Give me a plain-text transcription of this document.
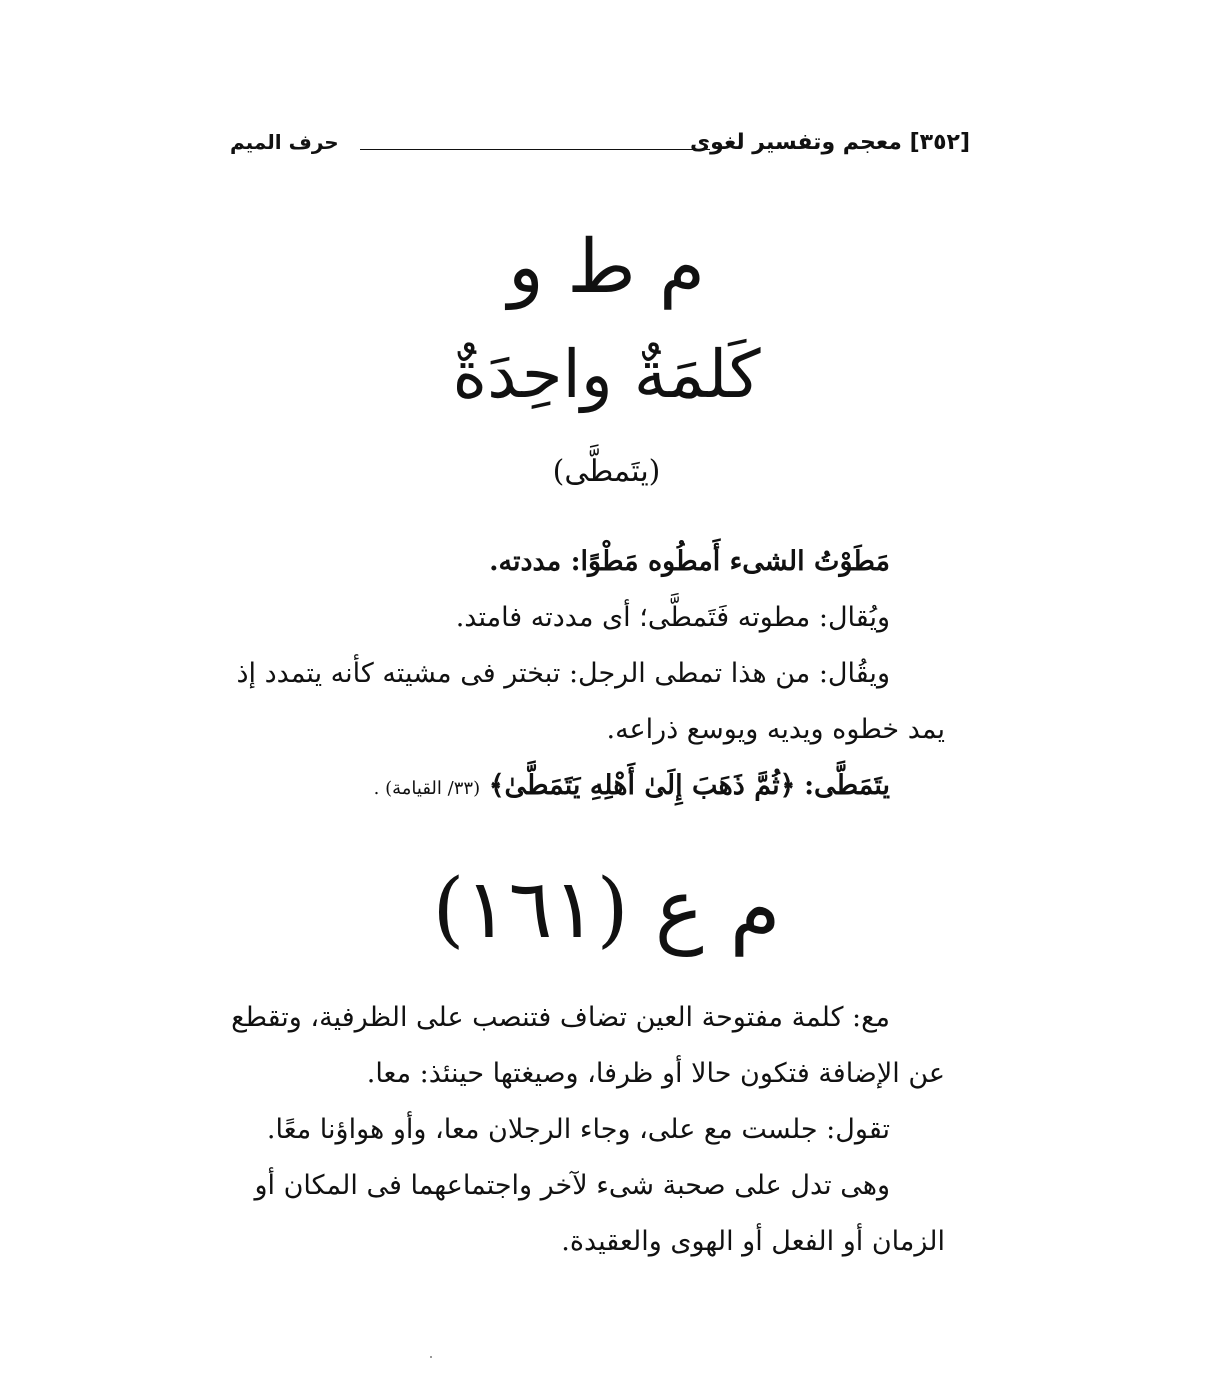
[٣٥٢] معجم وتفسير لغوى
حرف الميم
م ط و
كَلمَةٌ واحِدَةٌ
(يتَمطَّى)

مَطَوْتُ الشىء أَمطُوه مَطْوًا: مددته.

ويُقال: مطوته فَتَمطَّى؛ أى مددته فامتد.

ويقُال: من هذا تمطى الرجل: تبختر فى مشيته كأنه يتمدد إذ

يمد خطوه ويديه ويوسع ذراعه.

يتَمَطَّى: ﴿ثُمَّ ذَهَبَ إِلَىٰ أَهْلِهِ يَتَمَطَّىٰ﴾ (٣٣/ القيامة) .

م ع (١٦١)

مع: كلمة مفتوحة العين تضاف فتنصب على الظرفية، وتقطع

عن الإضافة فتكون حالا أو ظرفا، وصيغتها حينئذ: معا.

تقول: جلست مع على، وجاء الرجلان معا، وأو هواؤنا معًا.

وهى تدل على صحبة شىء لآخر واجتماعهما فى المكان أو

الزمان أو الفعل أو الهوى والعقيدة.
